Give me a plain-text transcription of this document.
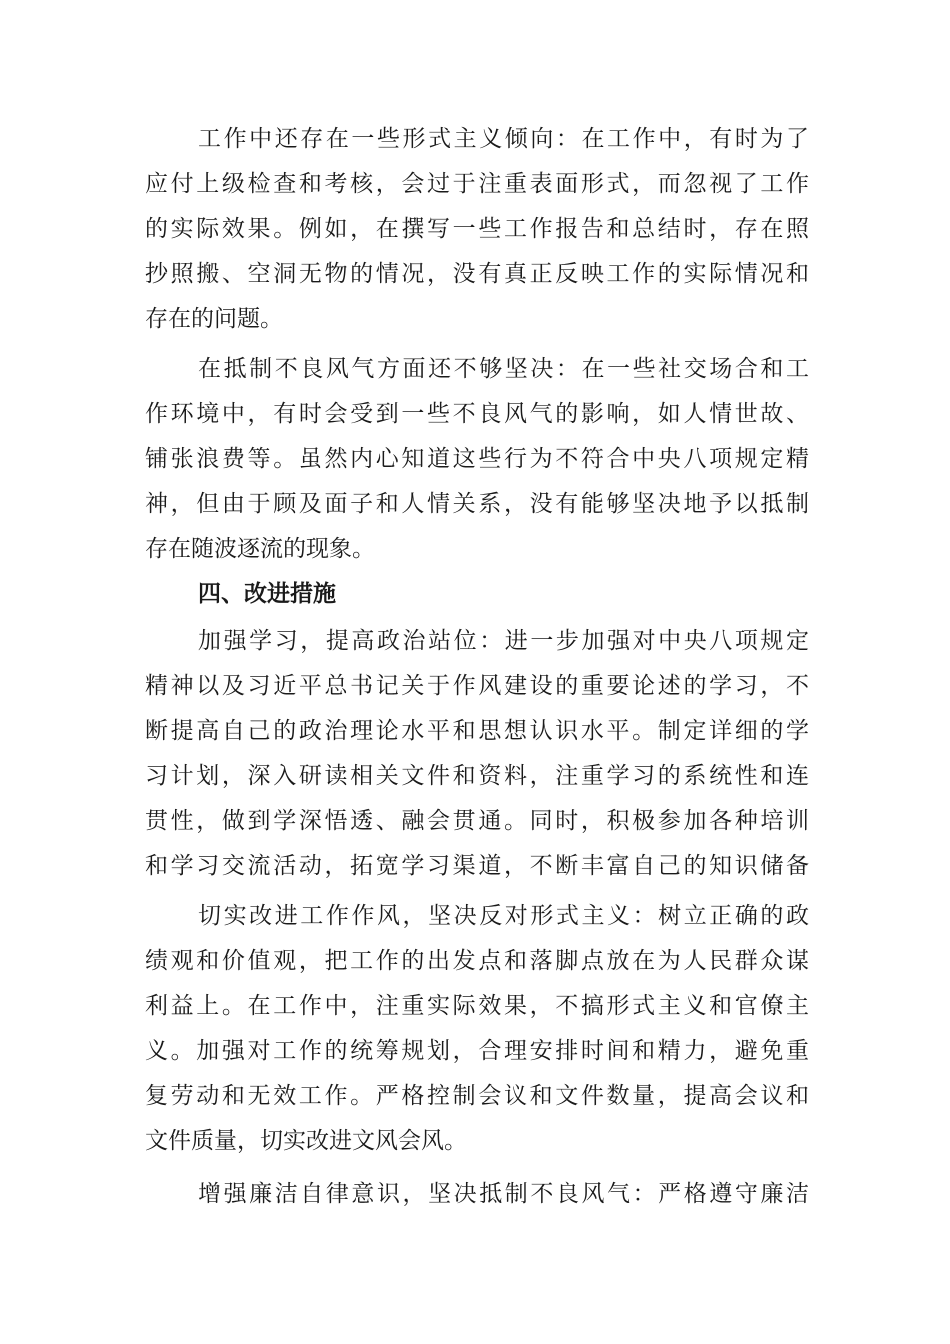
工作中还存在一些形式主义倾向：在工作中，有时为了
应付上级检查和考核，会过于注重表面形式，而忽视了工作
的实际效果。例如，在撰写一些工作报告和总结时，存在照
抄照搬、空洞无物的情况，没有真正反映工作的实际情况和
存在的问题。
在抵制不良风气方面还不够坚决：在一些社交场合和工
作环境中，有时会受到一些不良风气的影响，如人情世故、
铺张浪费等。虽然内心知道这些行为不符合中央八项规定精
神，但由于顾及面子和人情关系，没有能够坚决地予以抵制
存在随波逐流的现象。
四、改进措施
加强学习，提高政治站位：进一步加强对中央八项规定
精神以及习近平总书记关于作风建设的重要论述的学习，不
断提高自己的政治理论水平和思想认识水平。制定详细的学
习计划，深入研读相关文件和资料，注重学习的系统性和连
贯性，做到学深悟透、融会贯通。同时，积极参加各种培训
和学习交流活动，拓宽学习渠道，不断丰富自己的知识储备
切实改进工作作风，坚决反对形式主义：树立正确的政
绩观和价值观，把工作的出发点和落脚点放在为人民群众谋
利益上。在工作中，注重实际效果，不搞形式主义和官僚主
义。加强对工作的统筹规划，合理安排时间和精力，避免重
复劳动和无效工作。严格控制会议和文件数量，提高会议和
文件质量，切实改进文风会风。
增强廉洁自律意识，坚决抵制不良风气：严格遵守廉洁
